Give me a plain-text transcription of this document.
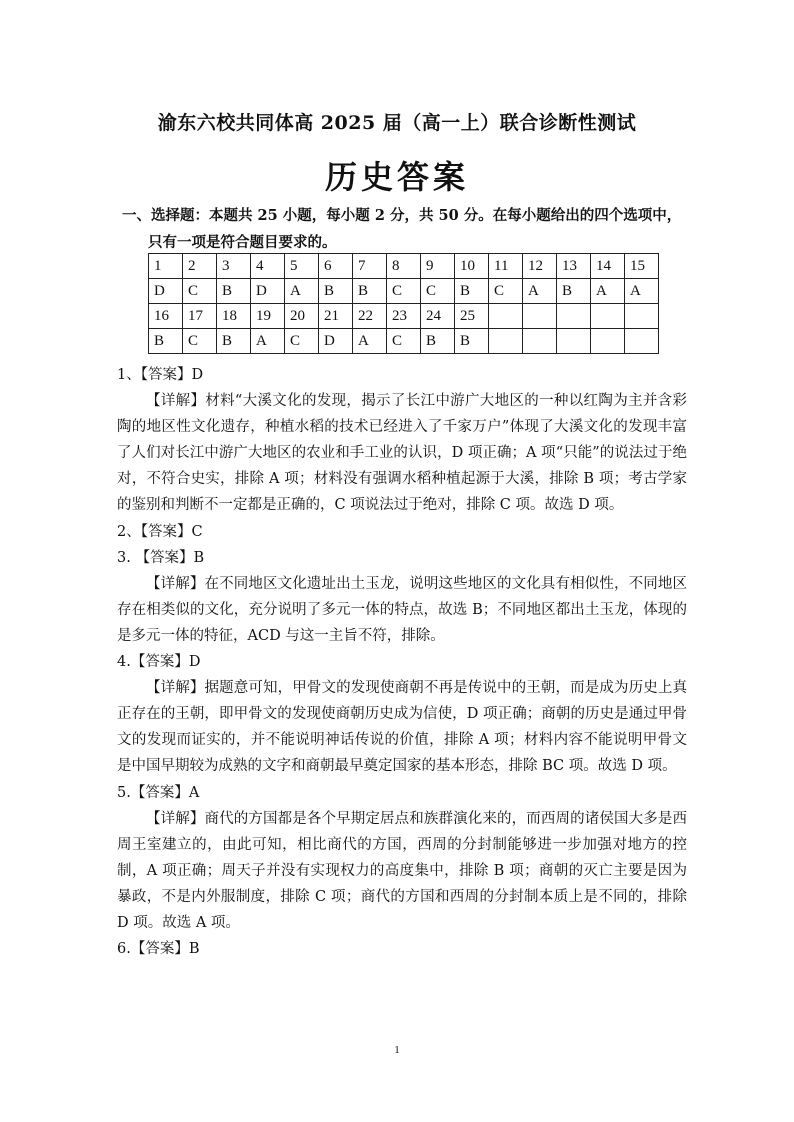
渝东六校共同体高 2025 届（高一上）联合诊断性测试
历史答案
一、选择题：本题共 25 小题，每小题 2 分，共 50 分。在每小题给出的四个选项中，
只有一项是符合题目要求的。
1	2	3	4	5	6	7	8	9	10	11	12	13	14	15
D	C	B	D	A	B	B	C	C	B	C	A	B	A	A
16	17	18	19	20	21	22	23	24	25					
B	C	B	A	C	D	A	C	B	B					

1、【答案】D

【详解】材料“大溪文化的发现，揭示了长江中游广大地区的一种以红陶为主并含彩陶的地区性文化遗存，种植水稻的技术已经进入了千家万户”体现了大溪文化的发现丰富了人们对长江中游广大地区的农业和手工业的认识，D 项正确；A 项“只能”的说法过于绝对，不符合史实，排除 A 项；材料没有强调水稻种植起源于大溪，排除 B 项；考古学家的鉴别和判断不一定都是正确的，C 项说法过于绝对，排除 C 项。故选 D 项。

2、【答案】C

3. 【答案】B

【详解】在不同地区文化遗址出土玉龙，说明这些地区的文化具有相似性，不同地区存在相类似的文化，充分说明了多元一体的特点，故选 B；不同地区都出土玉龙，体现的是多元一体的特征，ACD 与这一主旨不符，排除。

4.【答案】D

【详解】据题意可知，甲骨文的发现使商朝不再是传说中的王朝，而是成为历史上真正存在的王朝，即甲骨文的发现使商朝历史成为信使，D 项正确；商朝的历史是通过甲骨文的发现而证实的，并不能说明神话传说的价值，排除 A 项；材料内容不能说明甲骨文是中国早期较为成熟的文字和商朝最早奠定国家的基本形态，排除 BC 项。故选 D 项。

5.【答案】A

【详解】商代的方国都是各个早期定居点和族群演化来的，而西周的诸侯国大多是西周王室建立的，由此可知，相比商代的方国，西周的分封制能够进一步加强对地方的控制，A 项正确；周天子并没有实现权力的高度集中，排除 B 项；商朝的灭亡主要是因为暴政，不是内外服制度，排除 C 项；商代的方国和西周的分封制本质上是不同的，排除 D 项。故选 A 项。

6.【答案】B

1
